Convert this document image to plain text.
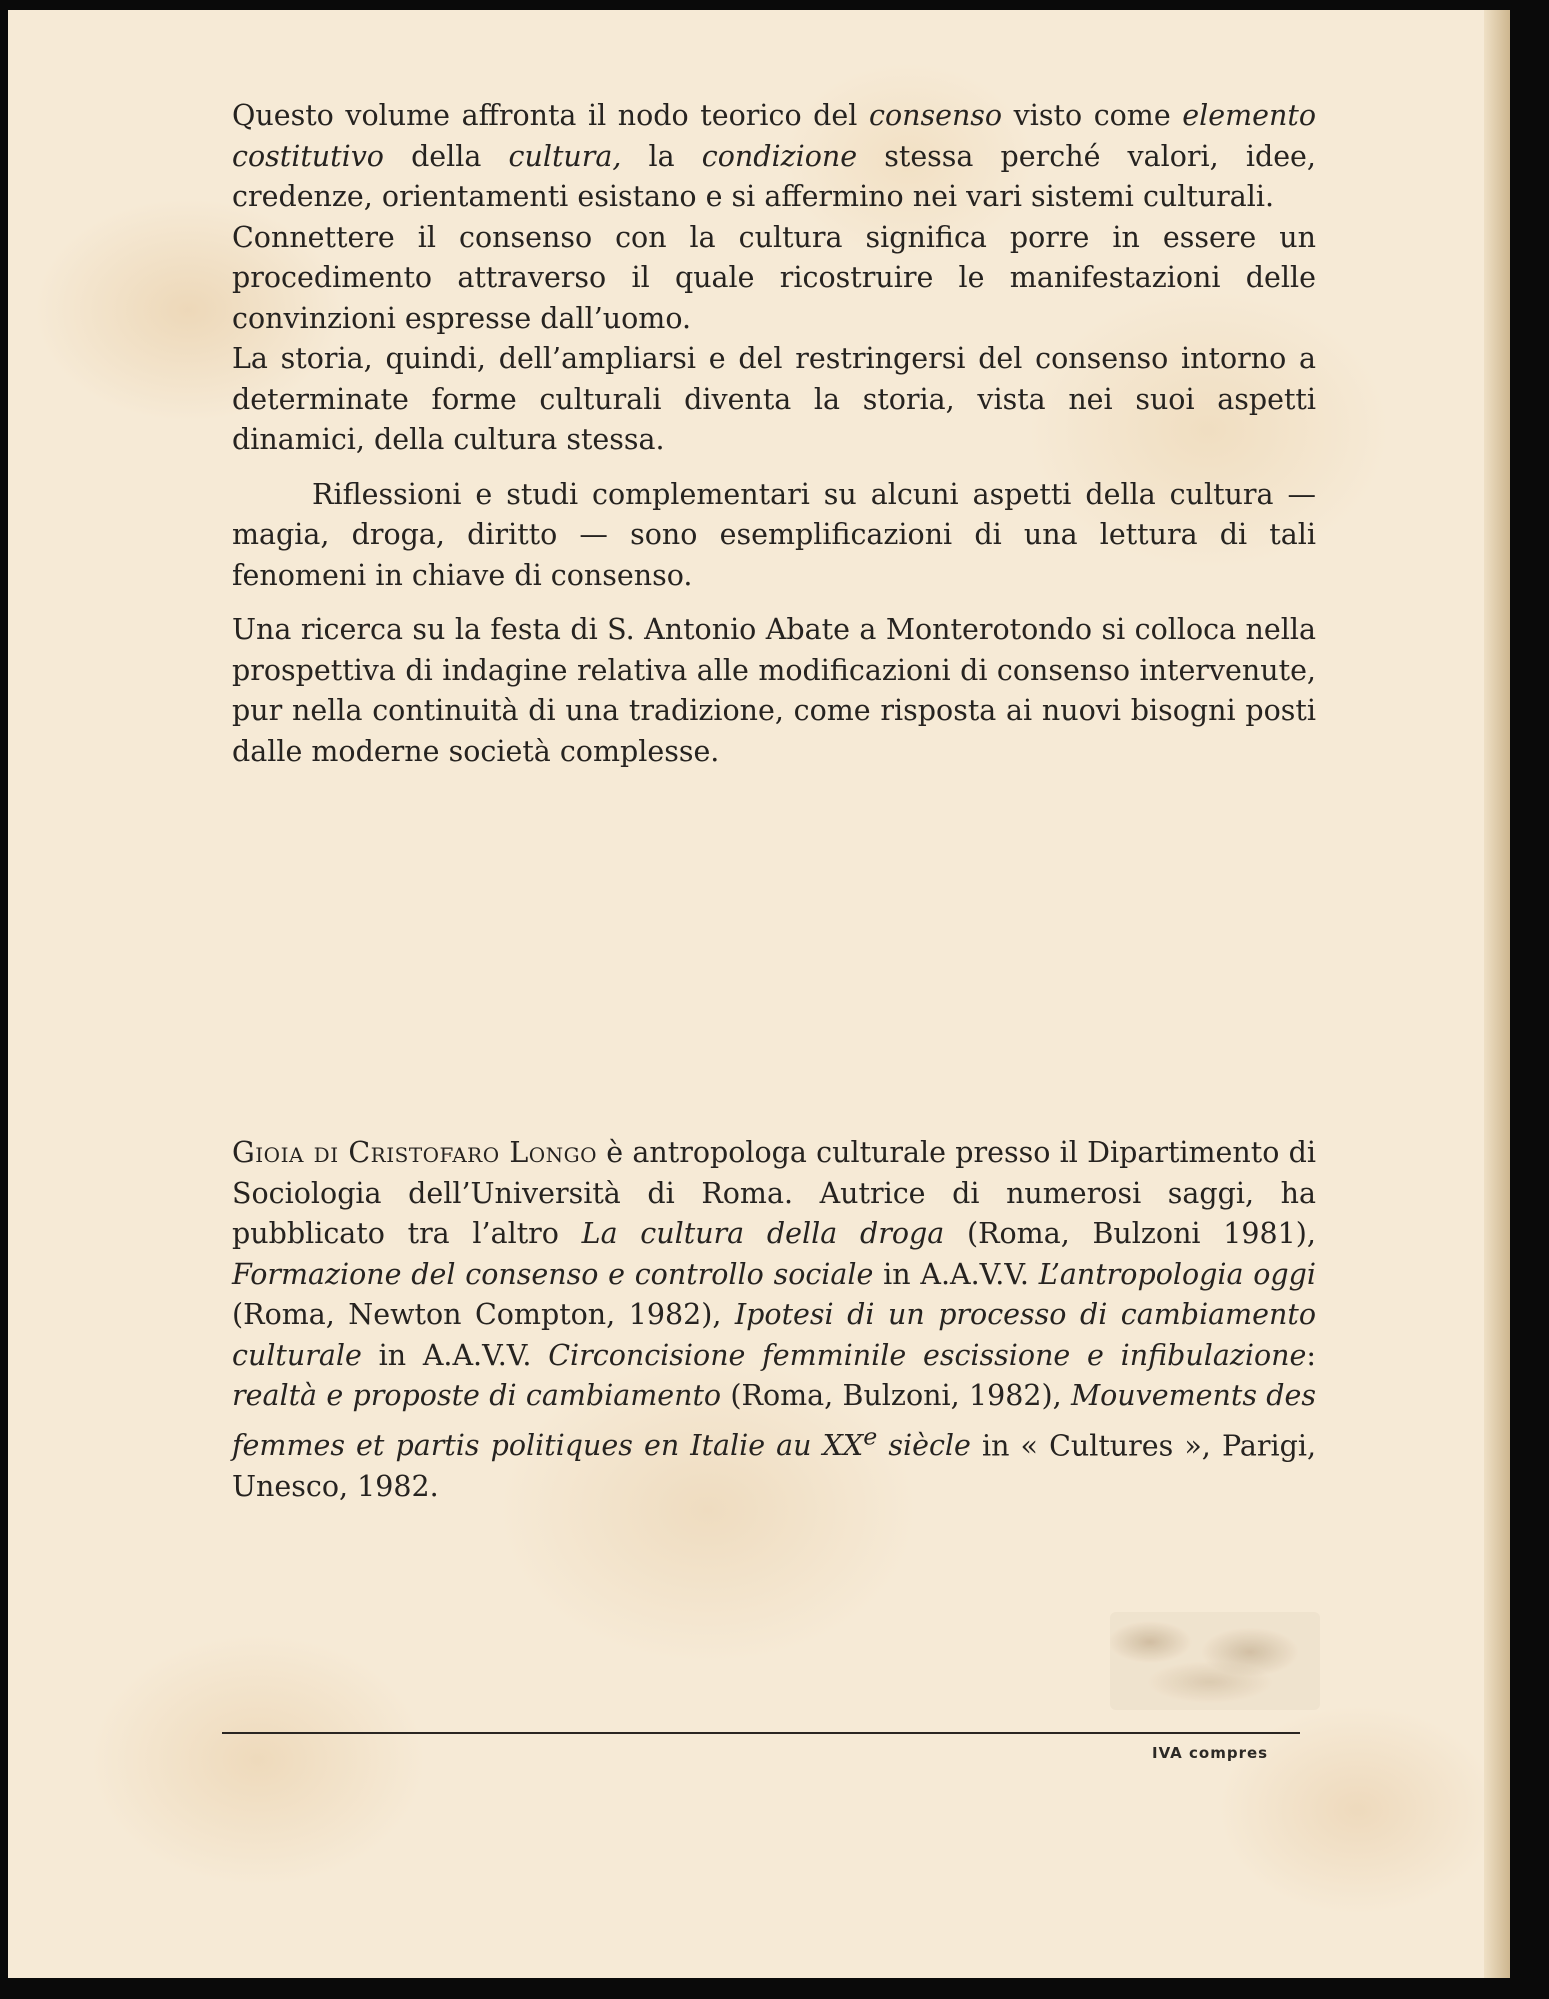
Questo volume affronta il nodo teorico del consenso visto come elemento costitutivo della cultura, la condizione stessa perché valori, idee, credenze, orientamenti esistano e si affermino nei vari sistemi culturali.

Connettere il consenso con la cultura significa porre in essere un procedimento attraverso il quale ricostruire le manifestazioni delle convinzioni espresse dall’uomo.

La storia, quindi, dell’ampliarsi e del restringersi del consenso intorno a determinate forme culturali diventa la storia, vista nei suoi aspetti dinamici, della cultura stessa.

Riflessioni e studi complementari su alcuni aspetti della cultura — magia, droga, diritto — sono esemplificazioni di una lettura di tali fenomeni in chiave di consenso.

Una ricerca su la festa di S. Antonio Abate a Monterotondo si colloca nella prospettiva di indagine relativa alle modificazioni di consenso intervenute, pur nella continuità di una tradizione, come risposta ai nuovi bisogni posti dalle moderne società complesse.

Gioia di Cristofaro Longo è antropologa culturale presso il Dipartimento di Sociologia dell’Università di Roma. Autrice di numerosi saggi, ha pubblicato tra l’altro La cultura della droga (Roma, Bulzoni 1981), Formazione del consenso e controllo sociale in A.A.V.V. L’antropologia oggi (Roma, Newton Compton, 1982), Ipotesi di un processo di cambiamento culturale in A.A.V.V. Circoncisione femminile escissione e infibulazione: realtà e proposte di cambiamento (Roma, Bulzoni, 1982), Mouvements des femmes et partis politiques en Italie au XXe siècle in « Cultures », Parigi, Unesco, 1982.

IVA compres
